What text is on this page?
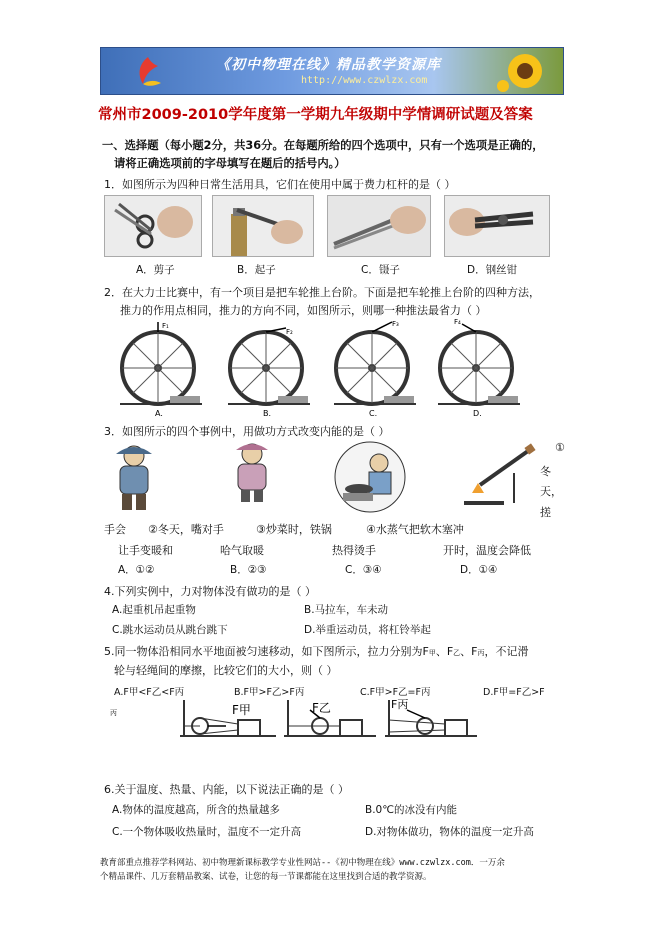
《初中物理在线》精品教学资源库
http://www.czwlzx.com
常州市2009-2010学年度第一学期九年级期中学情调研试题及答案
一、选择题（每小题2分，共36分。在每题所给的四个选项中，只有一个选项是正确的，
请将正确选项前的字母填写在题后的括号内。）
1．如图所示为四种日常生活用具，它们在使用中属于费力杠杆的是（ ）
A．剪子	B．起子	C．镊子	D．钢丝钳
2．在大力士比赛中，有一个项目是把车轮推上台阶。下面是把车轮推上台阶的四种方法，
推力的作用点相同，推力的方向不同，如图所示，则哪一种推法最省力（ ）
F₁
A.
F₂
B.
F₃
C.
F₄
D.
3．如图所示的四个事例中，用做功方式改变内能的是（ ）
①
冬
天，
搓
手会 ②冬天，嘴对手	③炒菜时，铁锅	④水蒸气把软木塞冲
让手变暖和	哈气取暖	热得烫手	开时，温度会降低
A．①②	B．②③	C．③④	D．①④
4.下列实例中，力对物体没有做功的是（ ）
A.起重机吊起重物	B.马拉车，车未动
C.跳水运动员从跳台跳下	D.举重运动员，将杠铃举起
5.同一物体沿相同水平地面被匀速移动，如下图所示，拉力分别为F甲、F乙、F丙，不记滑
轮与轻绳间的摩擦，比较它们的大小，则（ ）
A.F甲<F乙<F丙	B.F甲>F乙>F丙	C.F甲>F乙=F丙	D.F甲=F乙>F
丙	F甲	F乙	F丙
6.关于温度、热量、内能，以下说法正确的是（ ）
A.物体的温度越高，所含的热量越多	B.0℃的冰没有内能
C.一个物体吸收热量时，温度不一定升高	D.对物体做功，物体的温度一定升高
教育部重点推荐学科网站、初中物理新课标教学专业性网站--《初中物理在线》www.czwlzx.com．一万余
个精品课件、几万套精品教案、试卷，让您的每一节课都能在这里找到合适的教学资源。
